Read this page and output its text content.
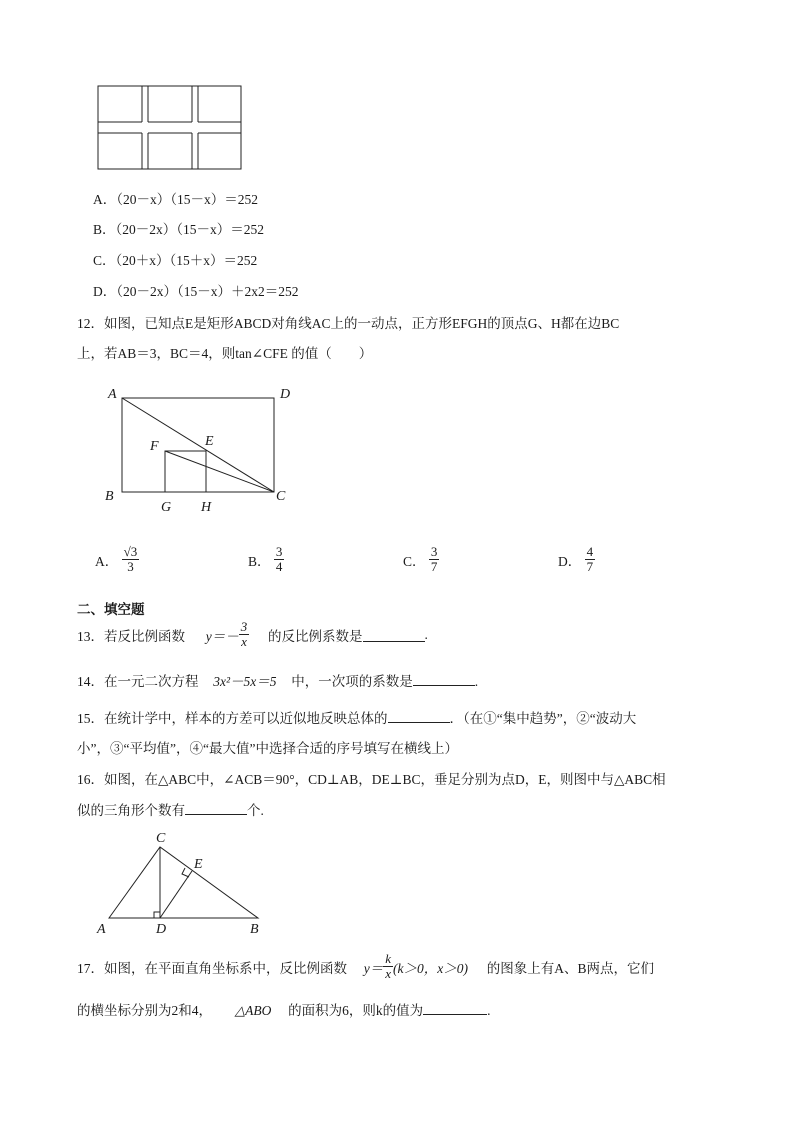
A．（20－x）（15－x）＝252
B．（20－2x）（15－x）＝252
C．（20＋x）（15＋x）＝252
D．（20－2x）（15－x）＋2x2＝252
12．如图，已知点E是矩形ABCD对角线AC上的一动点，正方形EFGH的顶点G、H都在边BC
上，若AB＝3，BC＝4，则tan∠CFE 的值（　　）
A	D
B	C
F	E
G H
A． $\frac{√3}{3}$	B． $\frac{3}{4}$	C． $\frac{3}{7}$	D． $\frac{4}{7}$
二、填空题
13．若反比例函数 $y=- \frac{3}{x}$ 的反比例系数是	.
14．在一元二次方程 3x²－5x＝5 中，一次项的系数是	.
15．在统计学中，样本的方差可以近似地反映总体的	．（在①“集中趋势”，②“波动大
小”，③“平均值”，④“最大值”中选择合适的序号填写在横线上）
16．如图，在△ABC中，∠ACB＝90°，CD⊥AB，DE⊥BC，垂足分别为点D，E，则图中与△ABC相
似的三角形个数有	个.
C
E
A	D	B
17．如图，在平面直角坐标系中，反比例函数 $y= \frac{k}{x} (k>0$，x＞0) 的图象上有A、B两点，它们
的横坐标分别为2和4， △ABO 的面积为6，则k的值为	.
